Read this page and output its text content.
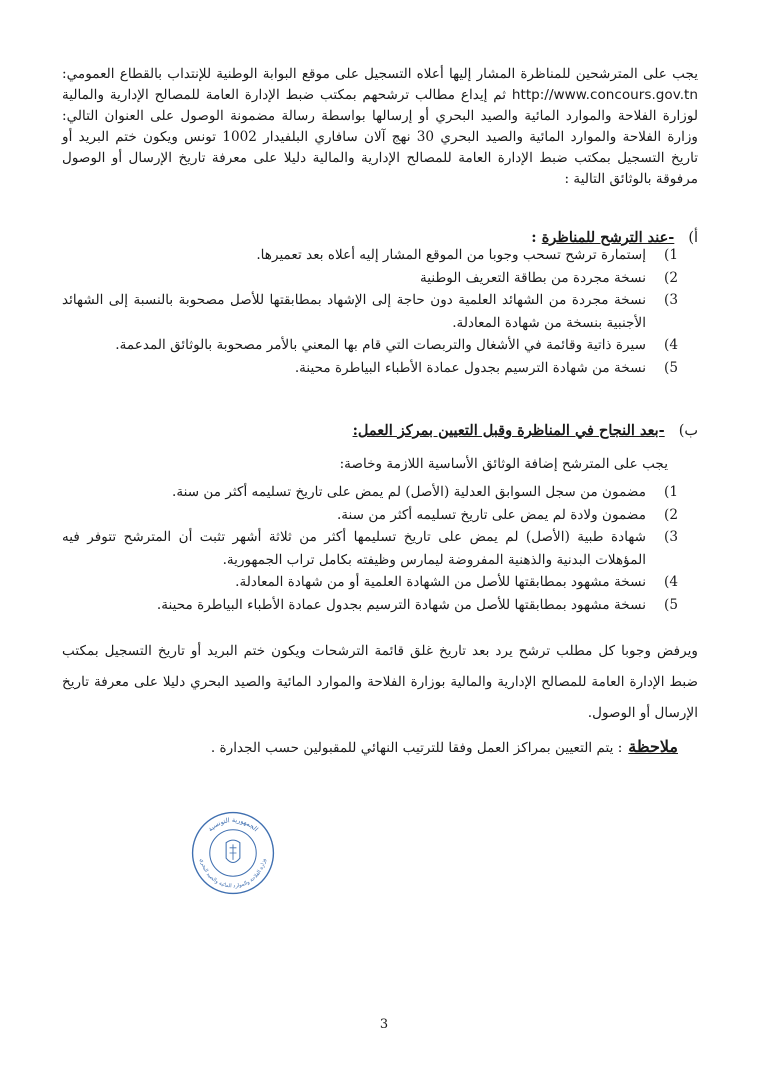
يجب على المترشحين للمناظرة المشار إليها أعلاه التسجيل على موقع البوابة الوطنية للإنتداب بالقطاع العمومي: http://www.concours.gov.tn ثم إيداع مطالب ترشحهم بمكتب ضبط الإدارة العامة للمصالح الإدارية والمالية لوزارة الفلاحة والموارد المائية والصيد البحري أو إرسالها بواسطة رسالة مضمونة الوصول على العنوان التالي: وزارة الفلاحة والموارد المائية والصيد البحري 30 نهج آلان سافاري البلفيدار 1002 تونس ويكون ختم البريد أو تاريخ التسجيل بمكتب ضبط الإدارة العامة للمصالح الإدارية والمالية دليلا على معرفة تاريخ الإرسال أو الوصول مرفوقة بالوثائق التالية :
أ)-عند الترشح للمناظرة :
1)
إستمارة ترشح تسحب وجوبا من الموقع المشار إليه أعلاه بعد تعميرها.
2)
نسخة مجردة من بطاقة التعريف الوطنية
3)
نسخة مجردة من الشهائد العلمية دون حاجة إلى الإشهاد بمطابقتها للأصل مصحوبة بالنسبة إلى الشهائد الأجنبية بنسخة من شهادة المعادلة.
4)
سيرة ذاتية وقائمة في الأشغال والتربصات التي قام بها المعني بالأمر مصحوبة بالوثائق المدعمة.
5)
نسخة من شهادة الترسيم بجدول عمادة الأطباء البياطرة محينة.
ب)-بعد النجاح في المناظرة وقبل التعيين بمركز العمل:
يجب على المترشح إضافة الوثائق الأساسية اللازمة وخاصة:
1)
مضمون من سجل السوابق العدلية (الأصل) لم يمض على تاريخ تسليمه أكثر من سنة.
2)
مضمون ولادة لم يمض على تاريخ تسليمه أكثر من سنة.
3)
شهادة طبية (الأصل) لم يمض على تاريخ تسليمها أكثر من ثلاثة أشهر تثبت أن المترشح تتوفر فيه المؤهلات البدنية والذهنية المفروضة ليمارس وظيفته بكامل تراب الجمهورية.
4)
نسخة مشهود بمطابقتها للأصل من الشهادة العلمية أو من شهادة المعادلة.
5)
نسخة مشهود بمطابقتها للأصل من شهادة الترسيم بجدول عمادة الأطباء البياطرة محينة.
ويرفض وجوبا كل مطلب ترشح يرد بعد تاريخ غلق قائمة الترشحات ويكون ختم البريد أو تاريخ التسجيل بمكتب ضبط الإدارة العامة للمصالح الإدارية والمالية بوزارة الفلاحة والموارد المائية والصيد البحري دليلا على معرفة تاريخ الإرسال أو الوصول.
ملاحظة: يتم التعيين بمراكز العمل وفقا للترتيب النهائي للمقبولين حسب الجدارة .
الجمهورية التونسية
وزارة الفلاحة والموارد المائية والصيد البحري
3
